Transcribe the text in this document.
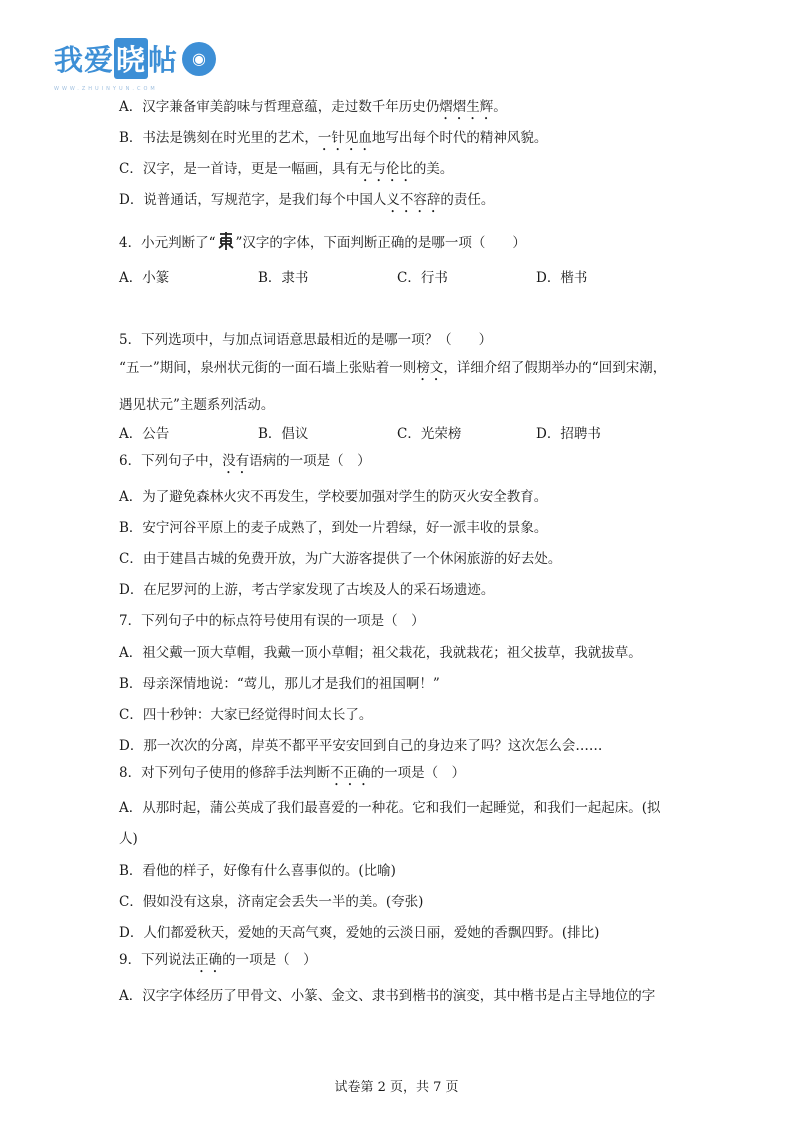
我爱晓帖 ◉
WWW.ZHUINYUN.COM
A．汉字兼备审美韵味与哲理意蕴，走过数千年历史仍熠熠生辉。
B．书法是镌刻在时光里的艺术，一针见血地写出每个时代的精神风貌。
C．汉字，是一首诗，更是一幅画，具有无与伦比的美。
D．说普通话，写规范字，是我们每个中国人义不容辞的责任。
4．小元判断了“ ”汉字的字体，下面判断正确的是哪一项（　　）
A．小篆	B．隶书	C．行书	D．楷书
5．下列选项中，与加点词语意思最相近的是哪一项？（　　）
“五一”期间，泉州状元街的一面石墙上张贴着一则榜文，详细介绍了假期举办的“回到宋潮，
遇见状元”主题系列活动。
A．公告	B．倡议	C．光荣榜	D．招聘书
6．下列句子中，没有语病的一项是（　）
A．为了避免森林火灾不再发生，学校要加强对学生的防灭火安全教育。
B．安宁河谷平原上的麦子成熟了，到处一片碧绿，好一派丰收的景象。
C．由于建昌古城的免费开放，为广大游客提供了一个休闲旅游的好去处。
D．在尼罗河的上游，考古学家发现了古埃及人的采石场遗迹。
7．下列句子中的标点符号使用有误的一项是（　）
A．祖父戴一顶大草帽，我戴一顶小草帽；祖父栽花，我就栽花；祖父拔草，我就拔草。
B．母亲深情地说：“莺儿，那儿才是我们的祖国啊！”
C．四十秒钟：大家已经觉得时间太长了。
D．那一次次的分离，岸英不都平平安安回到自己的身边来了吗？这次怎么会……
8．对下列句子使用的修辞手法判断不正确的一项是（　）
A．从那时起，蒲公英成了我们最喜爱的一种花。它和我们一起睡觉，和我们一起起床。(拟
人)
B．看他的样子，好像有什么喜事似的。(比喻)
C．假如没有这泉，济南定会丢失一半的美。(夸张)
D．人们都爱秋天，爱她的天高气爽，爱她的云淡日丽，爱她的香飘四野。(排比)
9．下列说法正确的一项是（　）
A．汉字字体经历了甲骨文、小篆、金文、隶书到楷书的演变，其中楷书是占主导地位的字
试卷第 2 页，共 7 页
